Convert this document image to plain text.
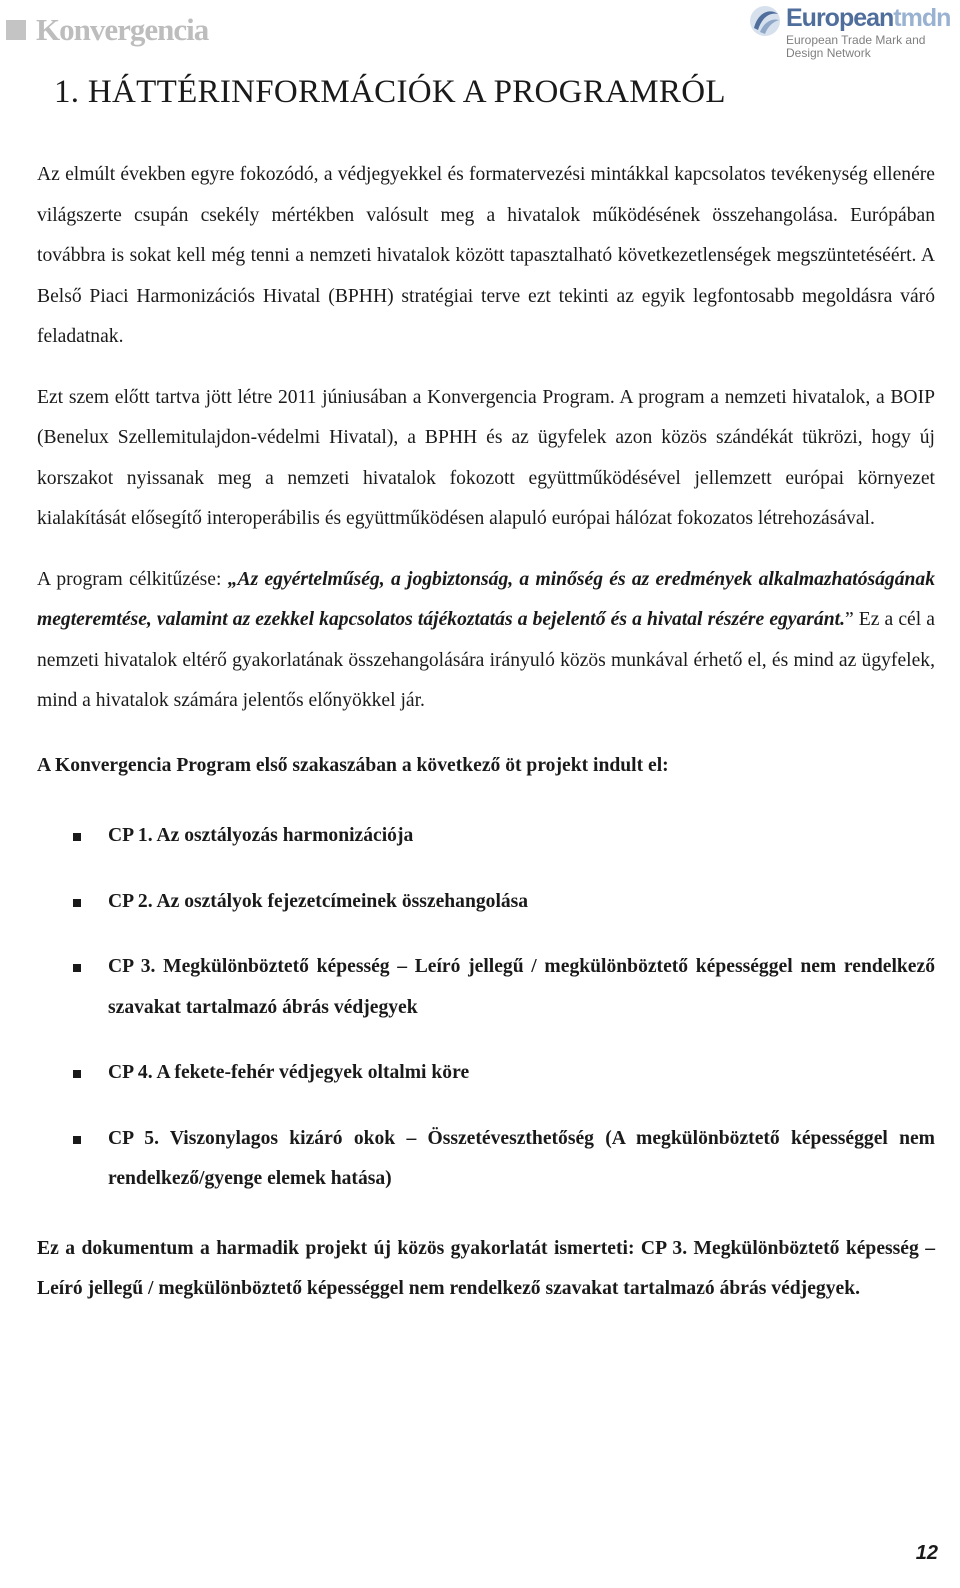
Konvergencia	Europeantmdn
European Trade Mark and
Design Network
1. HÁTTÉRINFORMÁCIÓK A PROGRAMRÓL

Az elmúlt években egyre fokozódó, a védjegyekkel és formatervezési mintákkal kapcsolatos tevékenység ellenére világszerte csupán csekély mértékben valósult meg a hivatalok működésének összehangolása. Európában továbbra is sokat kell még tenni a nemzeti hivatalok között tapasztalható következetlenségek megszüntetéséért. A Belső Piaci Harmonizációs Hivatal (BPHH) stratégiai terve ezt tekinti az egyik legfontosabb megoldásra váró feladatnak.

Ezt szem előtt tartva jött létre 2011 júniusában a Konvergencia Program. A program a nemzeti hivatalok, a BOIP (Benelux Szellemitulajdon-védelmi Hivatal), a BPHH és az ügyfelek azon közös szándékát tükrözi, hogy új korszakot nyissanak meg a nemzeti hivatalok fokozott együttműködésével jellemzett európai környezet kialakítását elősegítő interoperábilis és együttműködésen alapuló európai hálózat fokozatos létrehozásával.

A program célkitűzése: „Az egyértelműség, a jogbiztonság, a minőség és az eredmények alkalmazhatóságának megteremtése, valamint az ezekkel kapcsolatos tájékoztatás a bejelentő és a hivatal részére egyaránt.” Ez a cél a nemzeti hivatalok eltérő gyakorlatának összehangolására irányuló közös munkával érhető el, és mind az ügyfelek, mind a hivatalok számára jelentős előnyökkel jár.

A Konvergencia Program első szakaszában a következő öt projekt indult el:

CP 1. Az osztályozás harmonizációja
CP 2. Az osztályok fejezetcímeinek összehangolása
CP 3. Megkülönböztető képesség – Leíró jellegű / megkülönböztető képességgel nem rendelkező szavakat tartalmazó ábrás védjegyek
CP 4. A fekete-fehér védjegyek oltalmi köre
CP 5. Viszonylagos kizáró okok – Összetéveszthetőség (A megkülönböztető képességgel nem rendelkező/gyenge elemek hatása)

Ez a dokumentum a harmadik projekt új közös gyakorlatát ismerteti: CP 3. Megkülönböztető képesség – Leíró jellegű / megkülönböztető képességgel nem rendelkező szavakat tartalmazó ábrás védjegyek.

12
